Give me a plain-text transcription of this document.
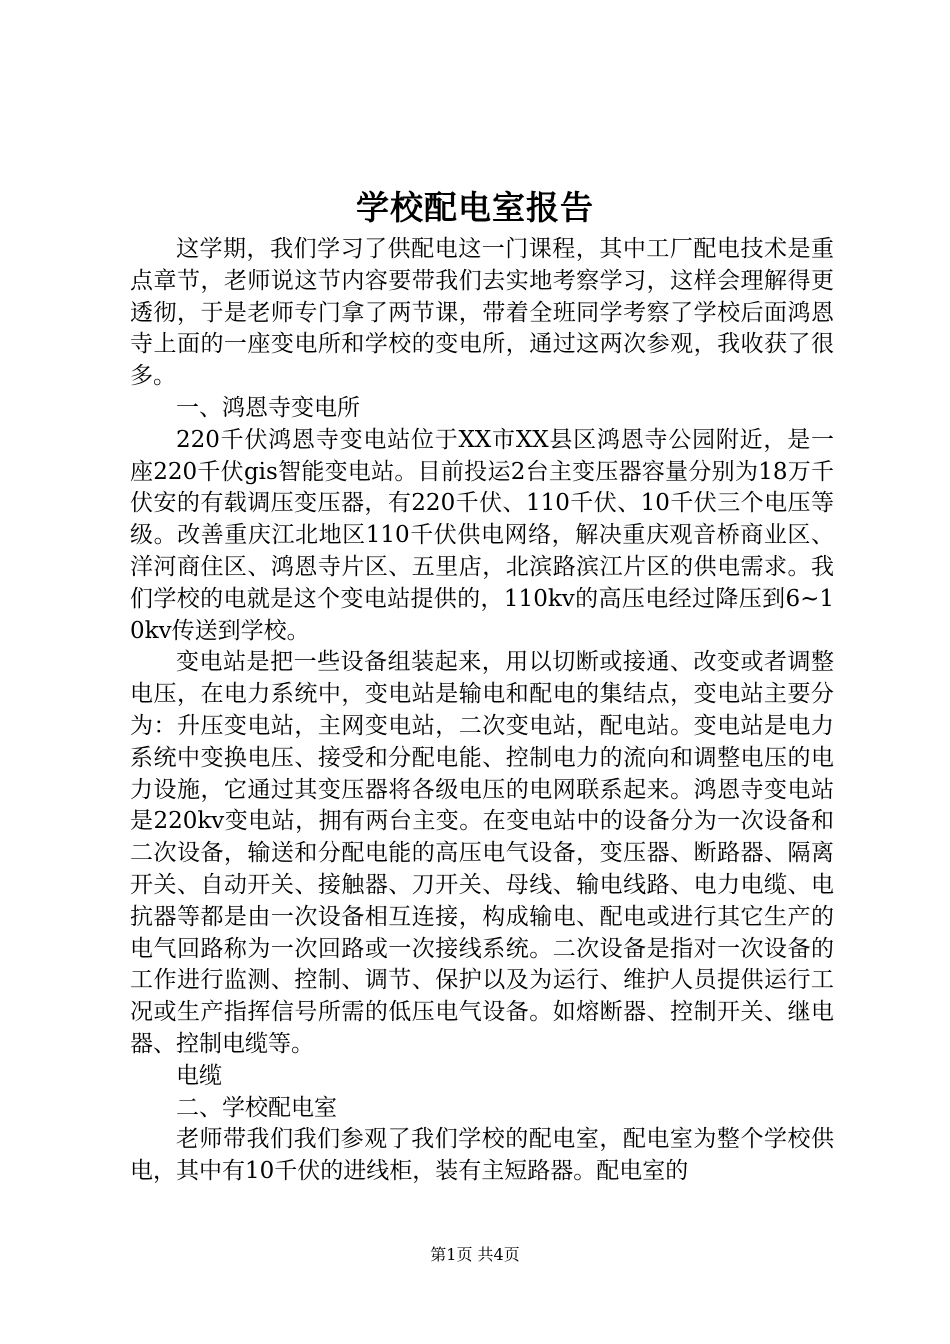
学校配电室报告

这学期，我们学习了供配电这一门课程，其中工厂配电技术是重点章节，老师说这节内容要带我们去实地考察学习，这样会理解得更透彻，于是老师专门拿了两节课，带着全班同学考察了学校后面鸿恩寺上面的一座变电所和学校的变电所，通过这两次参观，我收获了很多。

一、鸿恩寺变电所

220千伏鸿恩寺变电站位于XX市XX县区鸿恩寺公园附近，是一座220千伏gis智能变电站。目前投运2台主变压器容量分别为18万千伏安的有载调压变压器，有220千伏、110千伏、10千伏三个电压等级。改善重庆江北地区110千伏供电网络，解决重庆观音桥商业区、洋河商住区、鸿恩寺片区、五里店，北滨路滨江片区的供电需求。我们学校的电就是这个变电站提供的，110kv的高压电经过降压到6~10kv传送到学校。

变电站是把一些设备组装起来，用以切断或接通、改变或者调整电压，在电力系统中，变电站是输电和配电的集结点，变电站主要分为：升压变电站，主网变电站，二次变电站，配电站。变电站是电力系统中变换电压、接受和分配电能、控制电力的流向和调整电压的电力设施，它通过其变压器将各级电压的电网联系起来。鸿恩寺变电站是220kv变电站，拥有两台主变。在变电站中的设备分为一次设备和二次设备，输送和分配电能的高压电气设备，变压器、断路器、隔离开关、自动开关、接触器、刀开关、母线、输电线路、电力电缆、电抗器等都是由一次设备相互连接，构成输电、配电或进行其它生产的电气回路称为一次回路或一次接线系统。二次设备是指对一次设备的工作进行监测、控制、调节、保护以及为运行、维护人员提供运行工况或生产指挥信号所需的低压电气设备。如熔断器、控制开关、继电器、控制电缆等。

电缆

二、学校配电室

老师带我们我们参观了我们学校的配电室，配电室为整个学校供电，其中有10千伏的进线柜，装有主短路器。配电室的

第1页 共4页
